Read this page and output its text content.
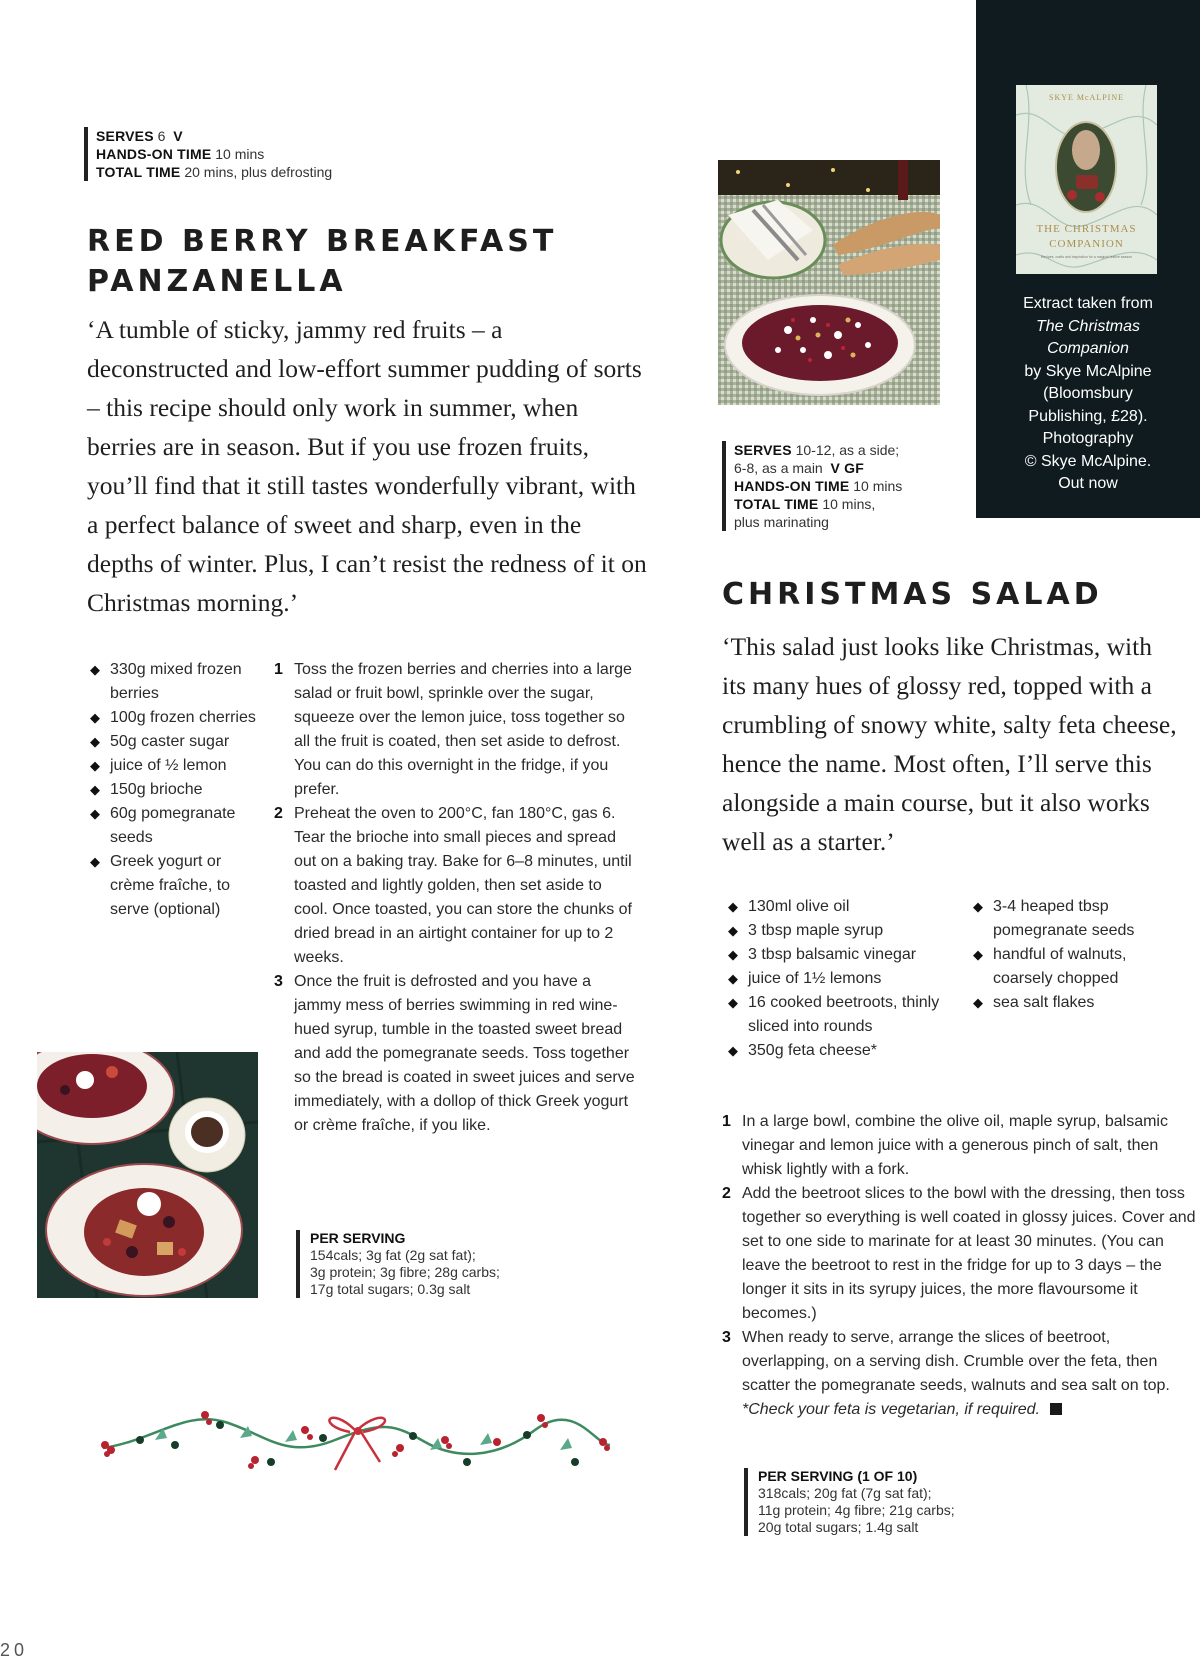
SERVES 6 V
HANDS-ON TIME 10 mins
TOTAL TIME 20 mins, plus defrosting
RED BERRY BREAKFAST
PANZANELLA

‘A tumble of sticky, jammy red fruits – a deconstructed and low-effort summer pudding of sorts – this recipe should only work in summer, when berries are in season. But if you use frozen fruits, you’ll find that it still tastes wonderfully vibrant, with a perfect balance of sweet and sharp, even in the depths of winter. Plus, I can’t resist the redness of it on Christmas morning.’

◆ 330g mixed frozen berries
◆ 100g frozen cherries
◆ 50g caster sugar
◆ juice of ½ lemon
◆ 150g brioche
◆ 60g pomegranate seeds
◆ Greek yogurt or crème fraîche, to serve (optional)
1 Toss the frozen berries and cherries into a large salad or fruit bowl, sprinkle over the sugar, squeeze over the lemon juice, toss together so all the fruit is coated, then set aside to defrost. You can do this overnight in the fridge, if you prefer.
2 Preheat the oven to 200°C, fan 180°C, gas 6. Tear the brioche into small pieces and spread out on a baking tray. Bake for 6–8 minutes, until toasted and lightly golden, then set aside to cool. Once toasted, you can store the chunks of dried bread in an airtight container for up to 2 weeks.
3 Once the fruit is defrosted and you have a jammy mess of berries swimming in red wine-hued syrup, tumble in the toasted sweet bread and add the pomegranate seeds. Toss together so the bread is coated in sweet juices and serve immediately, with a dollop of thick Greek yogurt or crème fraîche, if you like.
PER SERVING
154cals; 3g fat (2g sat fat);
3g protein; 3g fibre; 28g carbs;
17g total sugars; 0.3g salt
SERVES 10-12, as a side;
6-8, as a main V GF
HANDS-ON TIME 10 mins
TOTAL TIME 10 mins,
plus marinating
CHRISTMAS SALAD

‘This salad just looks like Christmas, with its many hues of glossy red, topped with a crumbling of snowy white, salty feta cheese, hence the name. Most often, I’ll serve this alongside a main course, but it also works well as a starter.’

◆ 130ml olive oil
◆ 3 tbsp maple syrup
◆ 3 tbsp balsamic vinegar
◆ juice of 1½ lemons
◆ 16 cooked beetroots, thinly sliced into rounds
◆ 350g feta cheese*
◆ 3-4 heaped tbsp pomegranate seeds
◆ handful of walnuts, coarsely chopped
◆ sea salt flakes
1 In a large bowl, combine the olive oil, maple syrup, balsamic vinegar and lemon juice with a generous pinch of salt, then whisk lightly with a fork.
2 Add the beetroot slices to the bowl with the dressing, then toss together so everything is well coated in glossy juices. Cover and set to one side to marinate for at least 30 minutes. (You can leave the beetroot to rest in the fridge for up to 3 days – the longer it sits in its syrupy juices, the more flavoursome it becomes.)
3 When ready to serve, arrange the slices of beetroot, overlapping, on a serving dish. Crumble over the feta, then scatter the pomegranate seeds, walnuts and sea salt on top.
*Check your feta is vegetarian, if required.
PER SERVING (1 OF 10)
318cals; 20g fat (7g sat fat);
11g protein; 4g fibre; 21g carbs;
20g total sugars; 1.4g salt
SKYE McALPINE
THE CHRISTMAS
COMPANION
Recipes, crafts and inspiration for a magical festive season
Extract taken from
The Christmas
Companion
by Skye McAlpine
(Bloomsbury
Publishing, £28).
Photography
© Skye McAlpine.
Out now
20
